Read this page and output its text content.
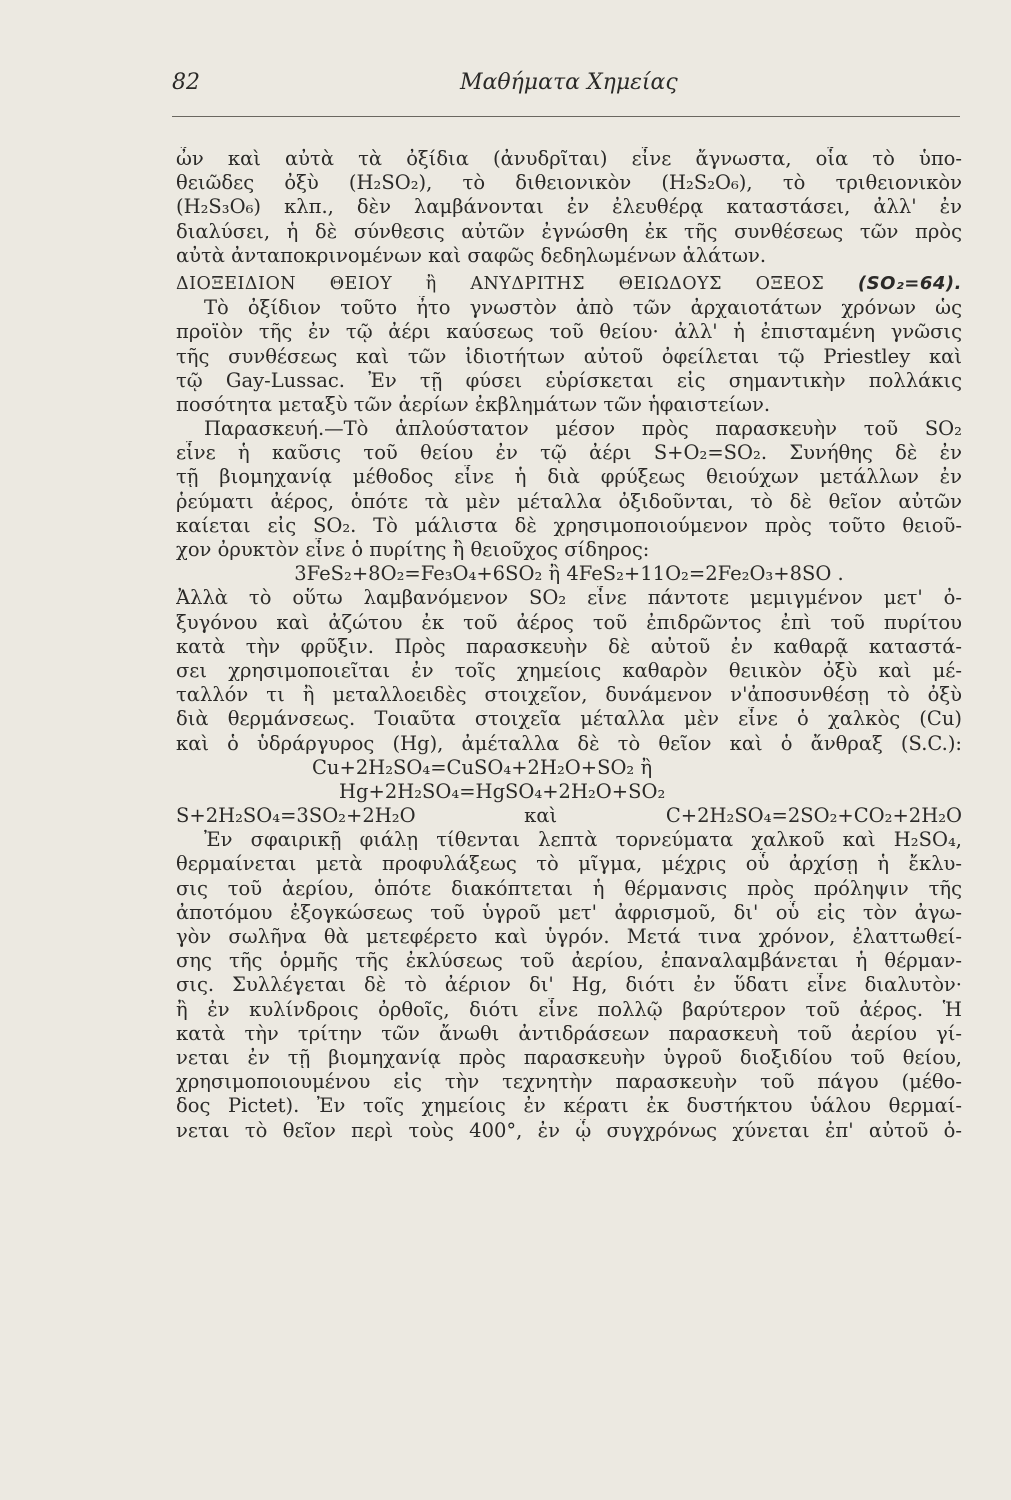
82	Μαθήματα Χημείας
ὦν καὶ αὐτὰ τὰ ὀξίδια (ἀνυδρῖται) εἶνε ἄγνωστα, οἷα τὸ ὑπο-
θειῶδες ὀξὺ (H₂SO₂), τὸ διθειονικὸν (H₂S₂O₆), τὸ τριθειονικὸν
(H₂S₃O₆) κλπ., δὲν λαμβάνονται ἐν ἐλευθέρᾳ καταστάσει, ἀλλ' ἐν
διαλύσει, ἡ δὲ σύνθεσις αὐτῶν ἐγνώσθη ἐκ τῆς συνθέσεως τῶν πρὸς
αὐτὰ ἀνταποκρινομένων καὶ σαφῶς δεδηλωμένων ἁλάτων.
ΔΙΟΞΕΙΔΙΟΝ ΘΕΙΟΥ ἢ ΑΝΥΔΡΙΤΗΣ ΘΕΙΩΔΟΥΣ ΟΞΕΟΣ (SO₂=64).
Τὸ ὀξίδιον τοῦτο ἦτο γνωστὸν ἀπὸ τῶν ἀρχαιοτάτων χρόνων ὡς
προϊὸν τῆς ἐν τῷ ἀέρι καύσεως τοῦ θείου· ἀλλ' ἡ ἐπισταμένη γνῶσις
τῆς συνθέσεως καὶ τῶν ἰδιοτήτων αὐτοῦ ὀφείλεται τῷ Priestley καὶ
τῷ Gay-Lussac. Ἐν τῇ φύσει εὑρίσκεται εἰς σημαντικὴν πολλάκις
ποσότητα μεταξὺ τῶν ἀερίων ἐκβλημάτων τῶν ἡφαιστείων.
Παρασκευή.—Τὸ ἁπλούστατον μέσον πρὸς παρασκευὴν τοῦ SO₂
εἶνε ἡ καῦσις τοῦ θείου ἐν τῷ ἀέρι S+O₂=SO₂. Συνήθης δὲ ἐν
τῇ βιομηχανίᾳ μέθοδος εἶνε ἡ διὰ φρύξεως θειούχων μετάλλων ἐν
ῥεύματι ἀέρος, ὁπότε τὰ μὲν μέταλλα ὀξιδοῦνται, τὸ δὲ θεῖον αὐτῶν
καίεται εἰς SO₂. Τὸ μάλιστα δὲ χρησιμοποιούμενον πρὸς τοῦτο θειοῦ-
χον ὀρυκτὸν εἶνε ὁ πυρίτης ἢ θειοῦχος σίδηρος:
3FeS₂+8O₂=Fe₃O₄+6SO₂ ἢ 4FeS₂+11O₂=2Fe₂O₃+8SO .
Ἀλλὰ τὸ οὕτω λαμβανόμενον SO₂ εἶνε πάντοτε μεμιγμένον μετ' ὀ-
ξυγόνου καὶ ἀζώτου ἐκ τοῦ ἀέρος τοῦ ἐπιδρῶντος ἐπὶ τοῦ πυρίτου
κατὰ τὴν φρῦξιν. Πρὸς παρασκευὴν δὲ αὐτοῦ ἐν καθαρᾷ καταστά-
σει χρησιμοποιεῖται ἐν τοῖς χημείοις καθαρὸν θειικὸν ὀξὺ καὶ μέ-
ταλλόν τι ἢ μεταλλοειδὲς στοιχεῖον, δυνάμενον ν'ἀποσυνθέσῃ τὸ ὀξὺ
διὰ θερμάνσεως. Τοιαῦτα στοιχεῖα μέταλλα μὲν εἶνε ὁ χαλκὸς (Cu)
καὶ ὁ ὑδράργυρος (Hg), ἀμέταλλα δὲ τὸ θεῖον καὶ ὁ ἄνθραξ (S.C.):
Cu+2H₂SO₄=CuSO₄+2H₂O+SO₂ ἢ
Hg+2H₂SO₄=HgSO₄+2H₂O+SO₂
S+2H₂SO₄=3SO₂+2H₂O καὶ C+2H₂SO₄=2SO₂+CO₂+2H₂O
Ἐν σφαιρικῇ φιάλῃ τίθενται λεπτὰ τορνεύματα χαλκοῦ καὶ H₂SO₄,
θερμαίνεται μετὰ προφυλάξεως τὸ μῖγμα, μέχρις οὗ ἀρχίσῃ ἡ ἔκλυ-
σις τοῦ ἀερίου, ὁπότε διακόπτεται ἡ θέρμανσις πρὸς πρόληψιν τῆς
ἀποτόμου ἐξογκώσεως τοῦ ὑγροῦ μετ' ἀφρισμοῦ, δι' οὗ εἰς τὸν ἀγω-
γὸν σωλῆνα θὰ μετεφέρετο καὶ ὑγρόν. Μετά τινα χρόνον, ἐλαττωθεί-
σης τῆς ὁρμῆς τῆς ἐκλύσεως τοῦ ἀερίου, ἐπαναλαμβάνεται ἡ θέρμαν-
σις. Συλλέγεται δὲ τὸ ἀέριον δι' Hg, διότι ἐν ὕδατι εἶνε διαλυτὸν·
ἢ ἐν κυλίνδροις ὀρθοῖς, διότι εἶνε πολλῷ βαρύτερον τοῦ ἀέρος. Ἡ
κατὰ τὴν τρίτην τῶν ἄνωθι ἀντιδράσεων παρασκευὴ τοῦ ἀερίου γί-
νεται ἐν τῇ βιομηχανίᾳ πρὸς παρασκευὴν ὑγροῦ διοξιδίου τοῦ θείου,
χρησιμοποιουμένου εἰς τὴν τεχνητὴν παρασκευὴν τοῦ πάγου (μέθο-
δος Pictet). Ἐν τοῖς χημείοις ἐν κέρατι ἐκ δυστήκτου ὑάλου θερμαί-
νεται τὸ θεῖον περὶ τοὺς 400°, ἐν ᾧ συγχρόνως χύνεται ἐπ' αὐτοῦ ὀ-
